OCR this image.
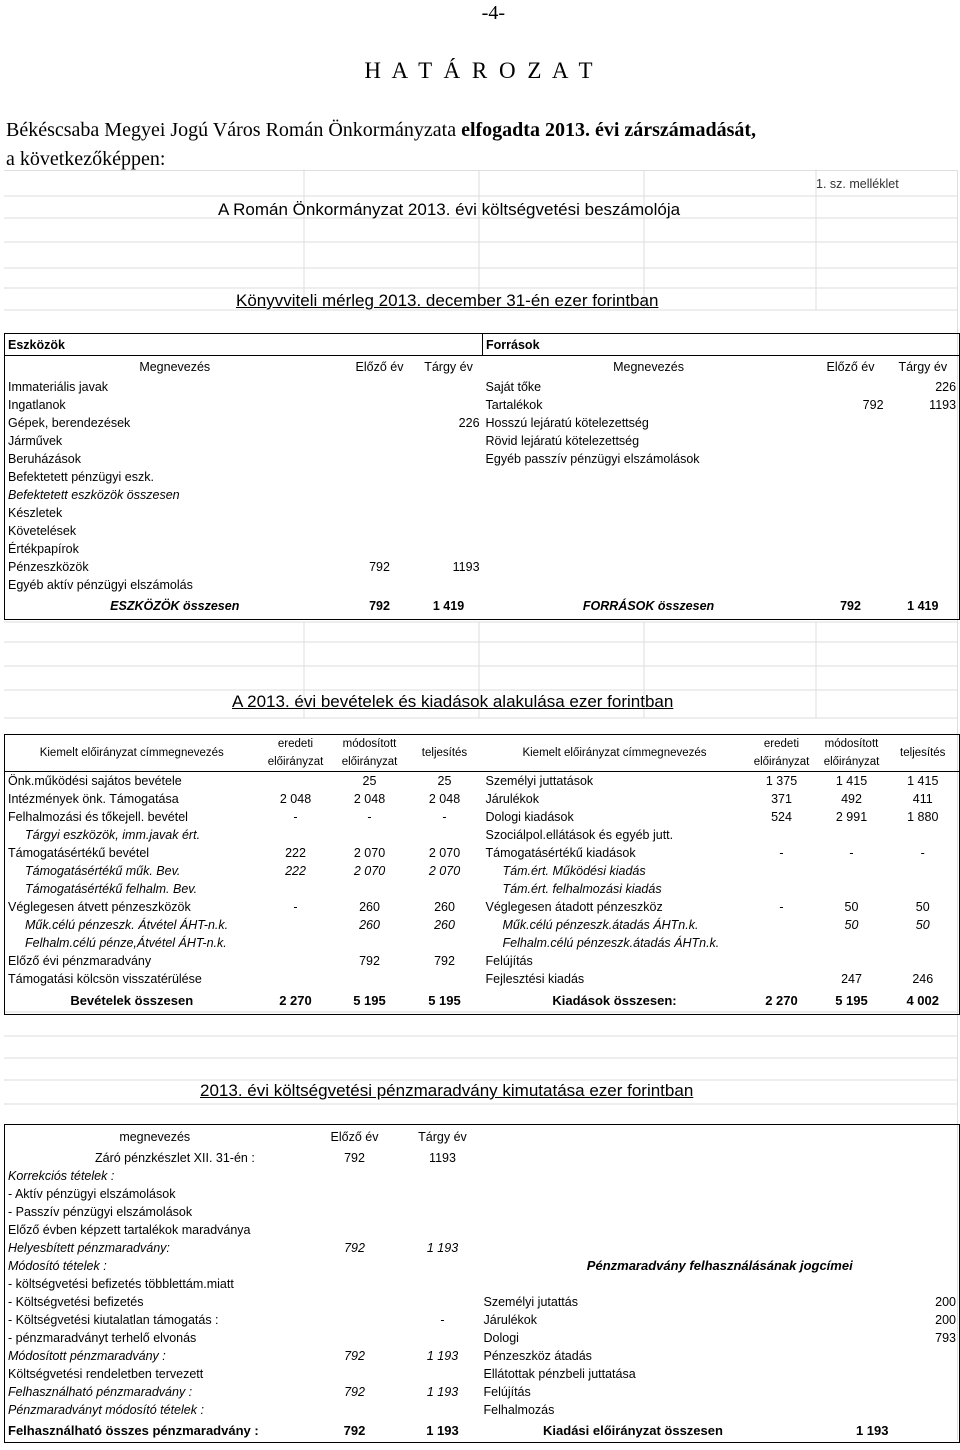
-4-
H A T Á R O Z A T
Békéscsaba Megyei Jogú Város Román Önkormányzata elfogadta 2013. évi zárszámadását,
a következőképpen:
1. sz. melléklet
A Román Önkormányzat 2013. évi költségvetési beszámolója
Könyvviteli mérleg 2013. december 31-én ezer forintban
Eszközök			Források		
Megnevezés	Előző év	Tárgy év	Megnevezés	Előző év	Tárgy év
Immateriális javak			Saját tőke		226
Ingatlanok			Tartalékok	792	1193
Gépek, berendezések		226	Hosszú lejáratú kötelezettség		
Járművek			Rövid lejáratú kötelezettség		
Beruházások			Egyéb passzív pénzügyi elszámolások		
Befektetett pénzügyi eszk.					
Befektetett eszközök összesen					
Készletek					
Követelések					
Értékpapírok					
Pénzeszközök	792	1193			
Egyéb aktív pénzügyi elszámolás					
ESZKÖZÖK összesen	792	1 419	FORRÁSOK összesen	792	1 419
A 2013. évi bevételek és kiadások alakulása ezer forintban
Kiemelt előirányzat címmegnevezés	eredeti előirányzat	módosított előirányzat	teljesítés	Kiemelt előirányzat címmegnevezés	eredeti előirányzat	módosított előirányzat	teljesítés
Önk.működési sajátos bevétele		25	25	Személyi juttatások	1 375	1 415	1 415
Intézmények önk. Támogatása	2 048	2 048	2 048	Járulékok	371	492	411
Felhalmozási és tőkejell. bevétel	-	-	-	Dologi kiadások	524	2 991	1 880
Tárgyi eszközök, imm.javak ért.				Szociálpol.ellátások és egyéb jutt.			
Támogatásértékű bevétel	222	2 070	2 070	Támogatásértékű kiadások	-	-	-
Támogatásértékű műk. Bev.	222	2 070	2 070	Tám.ért. Működési kiadás			
Támogatásértékű felhalm. Bev.				Tám.ért. felhalmozási kiadás			
Véglegesen átvett pénzeszközök	-	260	260	Véglegesen átadott pénzeszköz	-	50	50
Műk.célú pénzeszk. Átvétel ÁHT-n.k.		260	260	Műk.célú pénzeszk.átadás ÁHTn.k.		50	50
Felhalm.célú pénze,Átvétel ÁHT-n.k.				Felhalm.célú pénzeszk.átadás ÁHTn.k.			
Előző évi pénzmaradvány		792	792	Felújítás			
Támogatási kölcsön visszatérülése				Fejlesztési kiadás		247	246
Bevételek összesen	2 270	5 195	5 195	Kiadások összesen:	2 270	5 195	4 002
2013. évi költségvetési pénzmaradvány kimutatása ezer forintban
megnevezés	Előző év	Tárgy év		
Záró pénzkészlet XII. 31-én :	792	1193		
Korrekciós tételek :				
- Aktív pénzügyi elszámolások				
- Passzív pénzügyi elszámolások				
Előző évben képzett tartalékok maradványa				
Helyesbített pénzmaradvány:	792	1 193		
Módosító tételek :			Pénzmaradvány felhasználásának jogcímei	
- költségvetési befizetés többlettám.miatt				
- Költségvetési befizetés			Személyi jutattás	200
- Költségvetési kiutalatlan támogatás :		-	Járulékok	200
- pénzmaradványt terhelő elvonás			Dologi	793
Módosított pénzmaradvány :	792	1 193	Pénzeszköz átadás	
Költségvetési rendeletben tervezett			Ellátottak pénzbeli juttatása	
Felhasználható pénzmaradvány :	792	1 193	Felújítás	
Pénzmaradványt módosító tételek :			Felhalmozás	
Felhasználható összes pénzmaradvány :	792	1 193	Kiadási előirányzat összesen	1 193
